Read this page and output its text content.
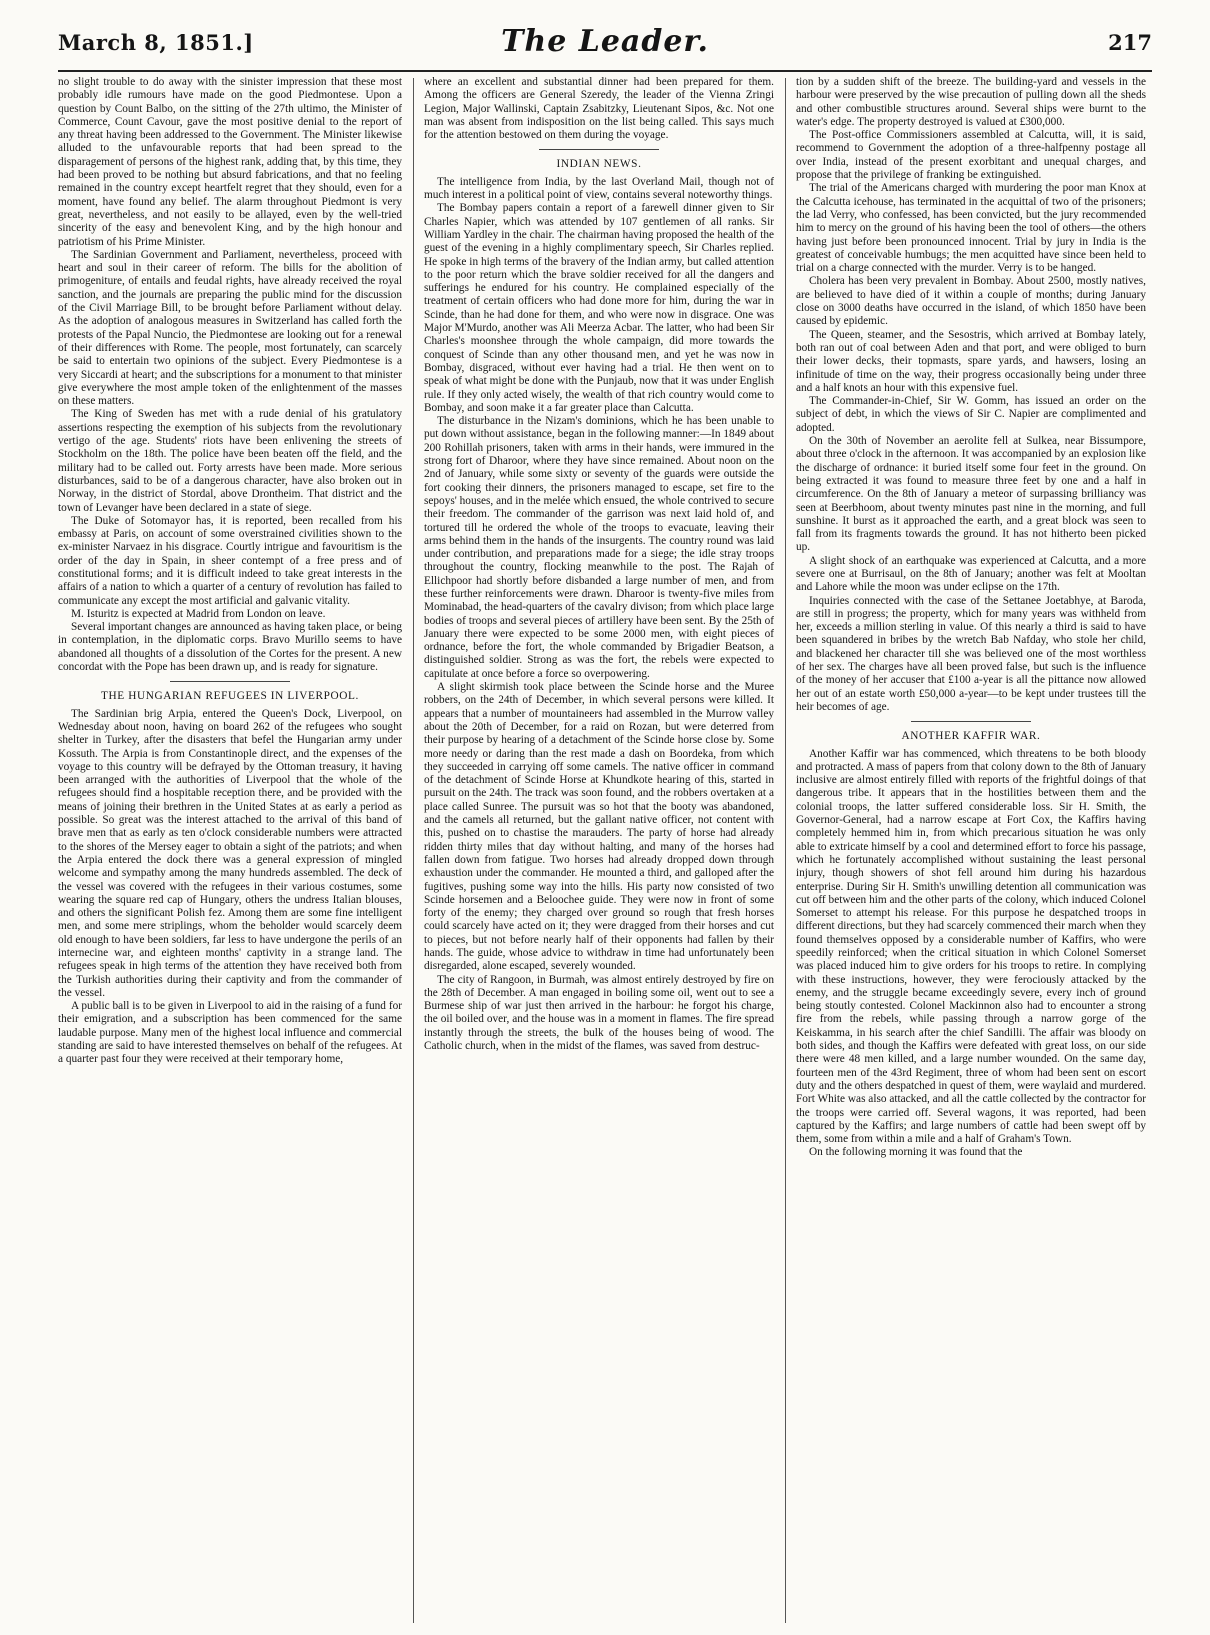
March 8, 1851.]	The Leader.	217

no slight trouble to do away with the sinister impression that these most probably idle rumours have made on the good Piedmontese. Upon a question by Count Balbo, on the sitting of the 27th ultimo, the Minister of Commerce, Count Cavour, gave the most positive denial to the report of any threat having been addressed to the Government. The Minister likewise alluded to the unfavourable reports that had been spread to the disparagement of persons of the highest rank, adding that, by this time, they had been proved to be nothing but absurd fabrications, and that no feeling remained in the country except heartfelt regret that they should, even for a moment, have found any belief. The alarm throughout Piedmont is very great, nevertheless, and not easily to be allayed, even by the well-tried sincerity of the easy and benevolent King, and by the high honour and patriotism of his Prime Minister.

The Sardinian Government and Parliament, nevertheless, proceed with heart and soul in their career of reform. The bills for the abolition of primogeniture, of entails and feudal rights, have already received the royal sanction, and the journals are preparing the public mind for the discussion of the Civil Marriage Bill, to be brought before Parliament without delay. As the adoption of analogous measures in Switzerland has called forth the protests of the Papal Nuncio, the Piedmontese are looking out for a renewal of their differences with Rome. The people, most fortunately, can scarcely be said to entertain two opinions of the subject. Every Piedmontese is a very Siccardi at heart; and the subscriptions for a monument to that minister give everywhere the most ample token of the enlightenment of the masses on these matters.

The King of Sweden has met with a rude denial of his gratulatory assertions respecting the exemption of his subjects from the revolutionary vertigo of the age. Students' riots have been enlivening the streets of Stockholm on the 18th. The police have been beaten off the field, and the military had to be called out. Forty arrests have been made. More serious disturbances, said to be of a dangerous character, have also broken out in Norway, in the district of Stordal, above Drontheim. That district and the town of Levanger have been declared in a state of siege.

The Duke of Sotomayor has, it is reported, been recalled from his embassy at Paris, on account of some overstrained civilities shown to the ex-minister Narvaez in his disgrace. Courtly intrigue and favouritism is the order of the day in Spain, in sheer contempt of a free press and of constitutional forms; and it is difficult indeed to take great interests in the affairs of a nation to which a quarter of a century of revolution has failed to communicate any except the most artificial and galvanic vitality.

M. Isturitz is expected at Madrid from London on leave.

Several important changes are announced as having taken place, or being in contemplation, in the diplomatic corps. Bravo Murillo seems to have abandoned all thoughts of a dissolution of the Cortes for the present. A new concordat with the Pope has been drawn up, and is ready for signature.

THE HUNGARIAN REFUGEES IN LIVERPOOL.

The Sardinian brig Arpia, entered the Queen's Dock, Liverpool, on Wednesday about noon, having on board 262 of the refugees who sought shelter in Turkey, after the disasters that befel the Hungarian army under Kossuth. The Arpia is from Constantinople direct, and the expenses of the voyage to this country will be defrayed by the Ottoman treasury, it having been arranged with the authorities of Liverpool that the whole of the refugees should find a hospitable reception there, and be provided with the means of joining their brethren in the United States at as early a period as possible. So great was the interest attached to the arrival of this band of brave men that as early as ten o'clock considerable numbers were attracted to the shores of the Mersey eager to obtain a sight of the patriots; and when the Arpia entered the dock there was a general expression of mingled welcome and sympathy among the many hundreds assembled. The deck of the vessel was covered with the refugees in their various costumes, some wearing the square red cap of Hungary, others the undress Italian blouses, and others the significant Polish fez. Among them are some fine intelligent men, and some mere striplings, whom the beholder would scarcely deem old enough to have been soldiers, far less to have undergone the perils of an internecine war, and eighteen months' captivity in a strange land. The refugees speak in high terms of the attention they have received both from the Turkish authorities during their captivity and from the commander of the vessel.

A public ball is to be given in Liverpool to aid in the raising of a fund for their emigration, and a subscription has been commenced for the same laudable purpose. Many men of the highest local influence and commercial standing are said to have interested themselves on behalf of the refugees. At a quarter past four they were received at their temporary home,

where an excellent and substantial dinner had been prepared for them. Among the officers are General Szeredy, the leader of the Vienna Zringi Legion, Major Wallinski, Captain Zsabitzky, Lieutenant Sipos, &c. Not one man was absent from indisposition on the list being called. This says much for the attention bestowed on them during the voyage.

INDIAN NEWS.

The intelligence from India, by the last Overland Mail, though not of much interest in a political point of view, contains several noteworthy things.

The Bombay papers contain a report of a farewell dinner given to Sir Charles Napier, which was attended by 107 gentlemen of all ranks. Sir William Yardley in the chair. The chairman having proposed the health of the guest of the evening in a highly complimentary speech, Sir Charles replied. He spoke in high terms of the bravery of the Indian army, but called attention to the poor return which the brave soldier received for all the dangers and sufferings he endured for his country. He complained especially of the treatment of certain officers who had done more for him, during the war in Scinde, than he had done for them, and who were now in disgrace. One was Major M'Murdo, another was Ali Meerza Acbar. The latter, who had been Sir Charles's moonshee through the whole campaign, did more towards the conquest of Scinde than any other thousand men, and yet he was now in Bombay, disgraced, without ever having had a trial. He then went on to speak of what might be done with the Punjaub, now that it was under English rule. If they only acted wisely, the wealth of that rich country would come to Bombay, and soon make it a far greater place than Calcutta.

The disturbance in the Nizam's dominions, which he has been unable to put down without assistance, began in the following manner:—In 1849 about 200 Rohillah prisoners, taken with arms in their hands, were immured in the strong fort of Dharoor, where they have since remained. About noon on the 2nd of January, while some sixty or seventy of the guards were outside the fort cooking their dinners, the prisoners managed to escape, set fire to the sepoys' houses, and in the melée which ensued, the whole contrived to secure their freedom. The commander of the garrison was next laid hold of, and tortured till he ordered the whole of the troops to evacuate, leaving their arms behind them in the hands of the insurgents. The country round was laid under contribution, and preparations made for a siege; the idle stray troops throughout the country, flocking meanwhile to the post. The Rajah of Ellichpoor had shortly before disbanded a large number of men, and from these further reinforcements were drawn. Dharoor is twenty-five miles from Mominabad, the head-quarters of the cavalry divison; from which place large bodies of troops and several pieces of artillery have been sent. By the 25th of January there were expected to be some 2000 men, with eight pieces of ordnance, before the fort, the whole commanded by Brigadier Beatson, a distinguished soldier. Strong as was the fort, the rebels were expected to capitulate at once before a force so overpowering.

A slight skirmish took place between the Scinde horse and the Muree robbers, on the 24th of December, in which several persons were killed. It appears that a number of mountaineers had assembled in the Murrow valley about the 20th of December, for a raid on Rozan, but were deterred from their purpose by hearing of a detachment of the Scinde horse close by. Some more needy or daring than the rest made a dash on Boordeka, from which they succeeded in carrying off some camels. The native officer in command of the detachment of Scinde Horse at Khundkote hearing of this, started in pursuit on the 24th. The track was soon found, and the robbers overtaken at a place called Sunree. The pursuit was so hot that the booty was abandoned, and the camels all returned, but the gallant native officer, not content with this, pushed on to chastise the marauders. The party of horse had already ridden thirty miles that day without halting, and many of the horses had fallen down from fatigue. Two horses had already dropped down through exhaustion under the commander. He mounted a third, and galloped after the fugitives, pushing some way into the hills. His party now consisted of two Scinde horsemen and a Beloochee guide. They were now in front of some forty of the enemy; they charged over ground so rough that fresh horses could scarcely have acted on it; they were dragged from their horses and cut to pieces, but not before nearly half of their opponents had fallen by their hands. The guide, whose advice to withdraw in time had unfortunately been disregarded, alone escaped, severely wounded.

The city of Rangoon, in Burmah, was almost entirely destroyed by fire on the 28th of December. A man engaged in boiling some oil, went out to see a Burmese ship of war just then arrived in the harbour: he forgot his charge, the oil boiled over, and the house was in a moment in flames. The fire spread instantly through the streets, the bulk of the houses being of wood. The Catholic church, when in the midst of the flames, was saved from destruc-

tion by a sudden shift of the breeze. The building-yard and vessels in the harbour were preserved by the wise precaution of pulling down all the sheds and other combustible structures around. Several ships were burnt to the water's edge. The property destroyed is valued at £300,000.

The Post-office Commissioners assembled at Calcutta, will, it is said, recommend to Government the adoption of a three-halfpenny postage all over India, instead of the present exorbitant and unequal charges, and propose that the privilege of franking be extinguished.

The trial of the Americans charged with murdering the poor man Knox at the Calcutta icehouse, has terminated in the acquittal of two of the prisoners; the lad Verry, who confessed, has been convicted, but the jury recommended him to mercy on the ground of his having been the tool of others—the others having just before been pronounced innocent. Trial by jury in India is the greatest of conceivable humbugs; the men acquitted have since been held to trial on a charge connected with the murder. Verry is to be hanged.

Cholera has been very prevalent in Bombay. About 2500, mostly natives, are believed to have died of it within a couple of months; during January close on 3000 deaths have occurred in the island, of which 1850 have been caused by epidemic.

The Queen, steamer, and the Sesostris, which arrived at Bombay lately, both ran out of coal between Aden and that port, and were obliged to burn their lower decks, their topmasts, spare yards, and hawsers, losing an infinitude of time on the way, their progress occasionally being under three and a half knots an hour with this expensive fuel.

The Commander-in-Chief, Sir W. Gomm, has issued an order on the subject of debt, in which the views of Sir C. Napier are complimented and adopted.

On the 30th of November an aerolite fell at Sulkea, near Bissumpore, about three o'clock in the afternoon. It was accompanied by an explosion like the discharge of ordnance: it buried itself some four feet in the ground. On being extracted it was found to measure three feet by one and a half in circumference. On the 8th of January a meteor of surpassing brilliancy was seen at Beerbhoom, about twenty minutes past nine in the morning, and full sunshine. It burst as it approached the earth, and a great block was seen to fall from its fragments towards the ground. It has not hitherto been picked up.

A slight shock of an earthquake was experienced at Calcutta, and a more severe one at Burrisaul, on the 8th of January; another was felt at Mooltan and Lahore while the moon was under eclipse on the 17th.

Inquiries connected with the case of the Settanee Joetabhye, at Baroda, are still in progress; the property, which for many years was withheld from her, exceeds a million sterling in value. Of this nearly a third is said to have been squandered in bribes by the wretch Bab Nafday, who stole her child, and blackened her character till she was believed one of the most worthless of her sex. The charges have all been proved false, but such is the influence of the money of her accuser that £100 a-year is all the pittance now allowed her out of an estate worth £50,000 a-year—to be kept under trustees till the heir becomes of age.

ANOTHER KAFFIR WAR.

Another Kaffir war has commenced, which threatens to be both bloody and protracted. A mass of papers from that colony down to the 8th of January inclusive are almost entirely filled with reports of the frightful doings of that dangerous tribe. It appears that in the hostilities between them and the colonial troops, the latter suffered considerable loss. Sir H. Smith, the Governor-General, had a narrow escape at Fort Cox, the Kaffirs having completely hemmed him in, from which precarious situation he was only able to extricate himself by a cool and determined effort to force his passage, which he fortunately accomplished without sustaining the least personal injury, though showers of shot fell around him during his hazardous enterprise. During Sir H. Smith's unwilling detention all communication was cut off between him and the other parts of the colony, which induced Colonel Somerset to attempt his release. For this purpose he despatched troops in different directions, but they had scarcely commenced their march when they found themselves opposed by a considerable number of Kaffirs, who were speedily reinforced; when the critical situation in which Colonel Somerset was placed induced him to give orders for his troops to retire. In complying with these instructions, however, they were ferociously attacked by the enemy, and the struggle became exceedingly severe, every inch of ground being stoutly contested. Colonel Mackinnon also had to encounter a strong fire from the rebels, while passing through a narrow gorge of the Keiskamma, in his search after the chief Sandilli. The affair was bloody on both sides, and though the Kaffirs were defeated with great loss, on our side there were 48 men killed, and a large number wounded. On the same day, fourteen men of the 43rd Regiment, three of whom had been sent on escort duty and the others despatched in quest of them, were waylaid and murdered. Fort White was also attacked, and all the cattle collected by the contractor for the troops were carried off. Several wagons, it was reported, had been captured by the Kaffirs; and large numbers of cattle had been swept off by them, some from within a mile and a half of Graham's Town.

On the following morning it was found that the
